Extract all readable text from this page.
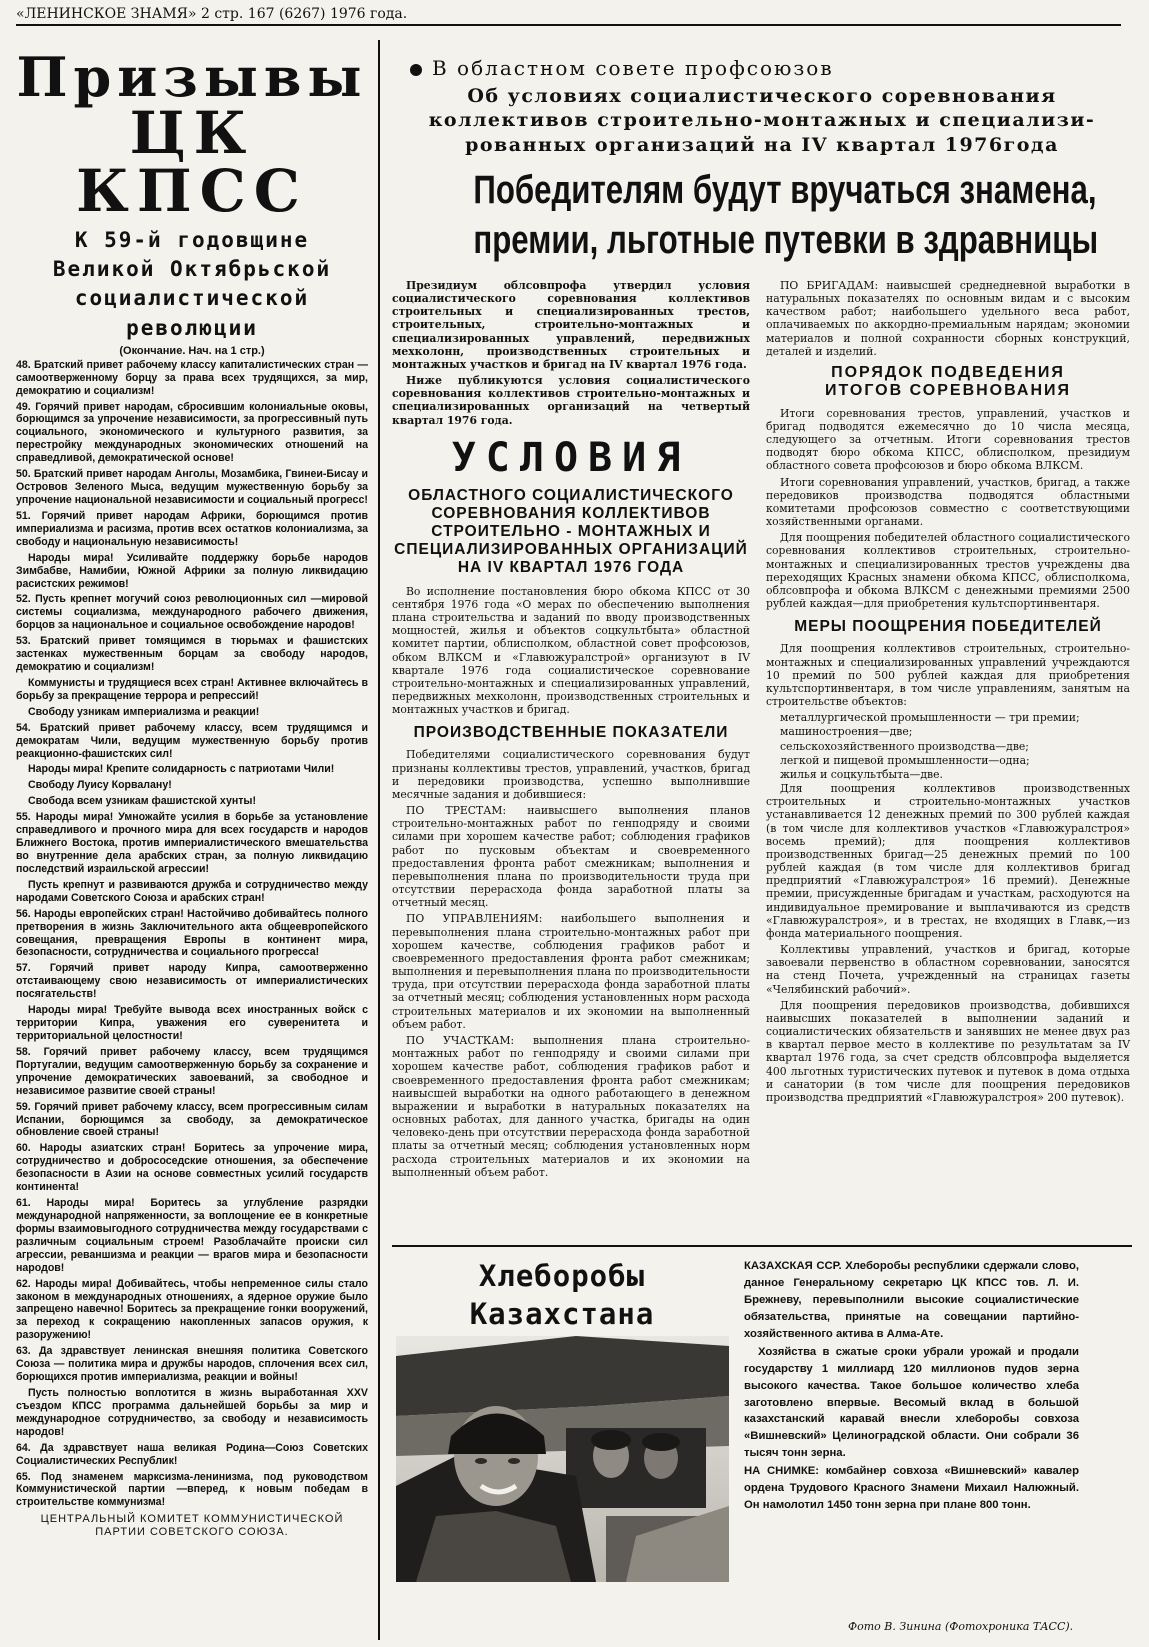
«ЛЕНИНСКОЕ ЗНАМЯ» 2 стр. 167 (6267) 1976 года.
Призывы
ЦК КПСС
К 59-й годовщине
Великой Октябрьской
социалистической
революции
(Окончание. Нач. на 1 стр.)

48. Братский привет рабочему классу капиталистических стран — самоотверженному борцу за права всех трудящихся, за мир, демократию и социализм!

49. Горячий привет народам, сбросившим колониальные оковы, борющимся за упрочение независимости, за прогрессивный путь социального, экономического и культурного развития, за перестройку международных экономических отношений на справедливой, демократической основе!

50. Братский привет народам Анголы, Мозамбика, Гвинеи-Бисау и Островов Зеленого Мыса, ведущим мужественную борьбу за упрочение национальной независимости и социальный прогресс!

51. Горячий привет народам Африки, борющимся против империализма и расизма, против всех остатков колониализма, за свободу и национальную независимость!

Народы мира! Усиливайте поддержку борьбе народов Зимбабве, Намибии, Южной Африки за полную ликвидацию расистских режимов!

52. Пусть крепнет могучий союз революционных сил —мировой системы социализма, международного рабочего движения, борцов за национальное и социальное освобождение народов!

53. Братский привет томящимся в тюрьмах и фашистских застенках мужественным борцам за свободу народов, демократию и социализм!

Коммунисты и трудящиеся всех стран! Активнее включайтесь в борьбу за прекращение террора и репрессий!

Свободу узникам империализма и реакции!

54. Братский привет рабочему классу, всем трудящимся и демократам Чили, ведущим мужественную борьбу против реакционно-фашистских сил!

Народы мира! Крепите солидарность с патриотами Чили!

Свободу Луису Корвалану!

Свобода всем узникам фашистской хунты!

55. Народы мира! Умножайте усилия в борьбе за установление справедливого и прочного мира для всех государств и народов Ближнего Востока, против империалистического вмешательства во внутренние дела арабских стран, за полную ликвидацию последствий израильской агрессии!

Пусть крепнут и развиваются дружба и сотрудничество между народами Советского Союза и арабских стран!

56. Народы европейских стран! Настойчиво добивайтесь полного претворения в жизнь Заключительного акта общеевропейского совещания, превращения Европы в континент мира, безопасности, сотрудничества и социального прогресса!

57. Горячий привет народу Кипра, самоотверженно отстаивающему свою независимость от империалистических посягательств!

Народы мира! Требуйте вывода всех иностранных войск с территории Кипра, уважения его суверенитета и территориальной целостности!

58. Горячий привет рабочему классу, всем трудящимся Португалии, ведущим самоотверженную борьбу за сохранение и упрочение демократических завоеваний, за свободное и независимое развитие своей страны!

59. Горячий привет рабочему классу, всем прогрессивным силам Испании, борющимся за свободу, за демократическое обновление своей страны!

60. Народы азиатских стран! Боритесь за упрочение мира, сотрудничество и добрососедские отношения, за обеспечение безопасности в Азии на основе совместных усилий государств континента!

61. Народы мира! Боритесь за углубление разрядки международной напряженности, за воплощение ее в конкретные формы взаимовыгодного сотрудничества между государствами с различным социальным строем! Разоблачайте происки сил агрессии, реваншизма и реакции — врагов мира и безопасности народов!

62. Народы мира! Добивайтесь, чтобы непременное силы стало законом в международных отношениях, а ядерное оружие было запрещено навечно! Боритесь за прекращение гонки вооружений, за переход к сокращению накопленных запасов оружия, к разоружению!

63. Да здравствует ленинская внешняя политика Советского Союза — политика мира и дружбы народов, сплочения всех сил, борющихся против империализма, реакции и войны!

Пусть полностью воплотится в жизнь выработанная XXV съездом КПСС программа дальнейшей борьбы за мир и международное сотрудничество, за свободу и независимость народов!

64. Да здравствует наша великая Родина—Союз Советских Социалистических Республик!

65. Под знаменем марксизма-ленинизма, под руководством Коммунистической партии —вперед, к новым победам в строительстве коммунизма!

ЦЕНТРАЛЬНЫЙ КОМИТЕТ КОММУНИСТИЧЕСКОЙ
ПАРТИИ СОВЕТСКОГО СОЮЗА.
В областном совете профсоюзов
Об условиях социалистического соревнования
коллективов строительно-монтажных и специализи-
рованных организаций на IV квартал 1976года
Победителям будут вручаться знамена,
премии, льготные путевки в здравницы

Президиум облсовпрофа утвердил условия социалистического соревнования коллективов строительных и специализированных трестов, строительных, строительно-монтажных и специализированных управлений, передвижных мехколонн, производственных строительных и монтажных участков и бригад на IV квартал 1976 года.

Ниже публикуются условия социалистического соревнования коллективов строительно-монтажных и специализированных организаций на четвертый квартал 1976 года.

УСЛОВИЯ
ОБЛАСТНОГО СОЦИАЛИСТИЧЕСКОГО
СОРЕВНОВАНИЯ КОЛЛЕКТИВОВ
СТРОИТЕЛЬНО - МОНТАЖНЫХ И
СПЕЦИАЛИЗИРОВАННЫХ ОРГАНИЗАЦИЙ
НА IV КВАРТАЛ 1976 ГОДА

Во исполнение постановления бюро обкома КПСС от 30 сентября 1976 года «О мерах по обеспечению выполнения плана строительства и заданий по вводу производственных мощностей, жилья и объектов соцкультбыта» областной комитет партии, облисполком, областной совет профсоюзов, обком ВЛКСМ и «Главюжуралстрой» организуют в IV квартале 1976 года социалистическое соревнование строительно-монтажных и специализированных управлений, передвижных мехколонн, производственных строительных и монтажных участков и бригад.

ПРОИЗВОДСТВЕННЫЕ ПОКАЗАТЕЛИ

Победителями социалистического соревнования будут признаны коллективы трестов, управлений, участков, бригад и передовики производства, успешно выполнившие месячные задания и добившиеся:

ПО ТРЕСТАМ: наивысшего выполнения планов строительно-монтажных работ по генподряду и своими силами при хорошем качестве работ; соблюдения графиков работ по пусковым объектам и своевременного предоставления фронта работ смежникам; выполнения и перевыполнения плана по производительности труда при отсутствии перерасхода фонда заработной платы за отчетный месяц.

ПО УПРАВЛЕНИЯМ: наибольшего выполнения и перевыполнения плана строительно-монтажных работ при хорошем качестве, соблюдения графиков работ и своевременного предоставления фронта работ смежникам; выполнения и перевыполнения плана по производительности труда, при отсутствии перерасхода фонда заработной платы за отчетный месяц; соблюдения установленных норм расхода строительных материалов и их экономии на выполненный объем работ.

ПО УЧАСТКАМ: выполнения плана строительно-монтажных работ по генподряду и своими силами при хорошем качестве работ, соблюдения графиков работ и своевременного предоставления фронта работ смежникам; наивысшей выработки на одного работающего в денежном выражении и выработки в натуральных показателях на основных работах, для данного участка, бригады на один человеко-день при отсутствии перерасхода фонда заработной платы за отчетный месяц; соблюдения установленных норм расхода строительных материалов и их экономии на выполненный объем работ.

ПО БРИГАДАМ: наивысшей среднедневной выработки в натуральных показателях по основным видам и с высоким качеством работ; наибольшего удельного веса работ, оплачиваемых по аккордно-премиальным нарядам; экономии материалов и полной сохранности сборных конструкций, деталей и изделий.

ПОРЯДОК ПОДВЕДЕНИЯ
ИТОГОВ СОРЕВНОВАНИЯ

Итоги соревнования трестов, управлений, участков и бригад подводятся ежемесячно до 10 числа месяца, следующего за отчетным. Итоги соревнования трестов подводят бюро обкома КПСС, облисполком, президиум областного совета профсоюзов и бюро обкома ВЛКСМ.

Итоги соревнования управлений, участков, бригад, а также передовиков производства подводятся областными комитетами профсоюзов совместно с соответствующими хозяйственными органами.

Для поощрения победителей областного социалистического соревнования коллективов строительных, строительно-монтажных и специализированных трестов учреждены два переходящих Красных знамени обкома КПСС, облисполкома, облсовпрофа и обкома ВЛКСМ с денежными премиями 2500 рублей каждая—для приобретения культспортинвентаря.

МЕРЫ ПООЩРЕНИЯ ПОБЕДИТЕЛЕЙ

Для поощрения коллективов строительных, строительно-монтажных и специализированных управлений учреждаются 10 премий по 500 рублей каждая для приобретения культспортинвентаря, в том числе управлениям, занятым на строительстве объектов:

металлургической промышленности — три премии;

машиностроения—две;

сельскохозяйственного производства—две;

легкой и пищевой промышленности—одна;

жилья и соцкультбыта—две.

Для поощрения коллективов производственных строительных и строительно-монтажных участков устанавливается 12 денежных премий по 300 рублей каждая (в том числе для коллективов участков «Главюжуралстроя» восемь премий); для поощрения коллективов производственных бригад—25 денежных премий по 100 рублей каждая (в том числе для коллективов бригад предприятий «Главюжуралстроя» 16 премий). Денежные премии, присужденные бригадам и участкам, расходуются на индивидуальное премирование и выплачиваются из средств «Главюжуралстроя», и в трестах, не входящих в Главк,—из фонда материального поощрения.

Коллективы управлений, участков и бригад, которые завоевали первенство в областном соревновании, заносятся на стенд Почета, учрежденный на страницах газеты «Челябинский рабочий».

Для поощрения передовиков производства, добившихся наивысших показателей в выполнении заданий и социалистических обязательств и занявших не менее двух раз в квартал первое место в коллективе по результатам за IV квартал 1976 года, за счет средств облсовпрофа выделяется 400 льготных туристических путевок и путевок в дома отдыха и санатории (в том числе для поощрения передовиков производства предприятий «Главюжуралстроя» 200 путевок).

Хлеборобы Казахстана

КАЗАХСКАЯ ССР. Хлеборобы республики сдержали слово, данное Генеральному секретарю ЦК КПСС тов. Л. И. Брежневу, перевыполнили высокие социалистические обязательства, принятые на совещании партийно-хозяйственного актива в Алма-Ате.

Хозяйства в сжатые сроки убрали урожай и продали государству 1 миллиард 120 миллионов пудов зерна высокого качества. Такое большое количество хлеба заготовлено впервые. Весомый вклад в большой казахстанский каравай внесли хлеборобы совхоза «Вишневский» Целиноградской области. Они собрали 36 тысяч тонн зерна.

НА СНИМКЕ: комбайнер совхоза «Вишневский» кавалер ордена Трудового Красного Знамени Михаил Налюжный. Он намолотил 1450 тонн зерна при плане 800 тонн.

Фото В. Зинина (Фотохроника ТАСС).
